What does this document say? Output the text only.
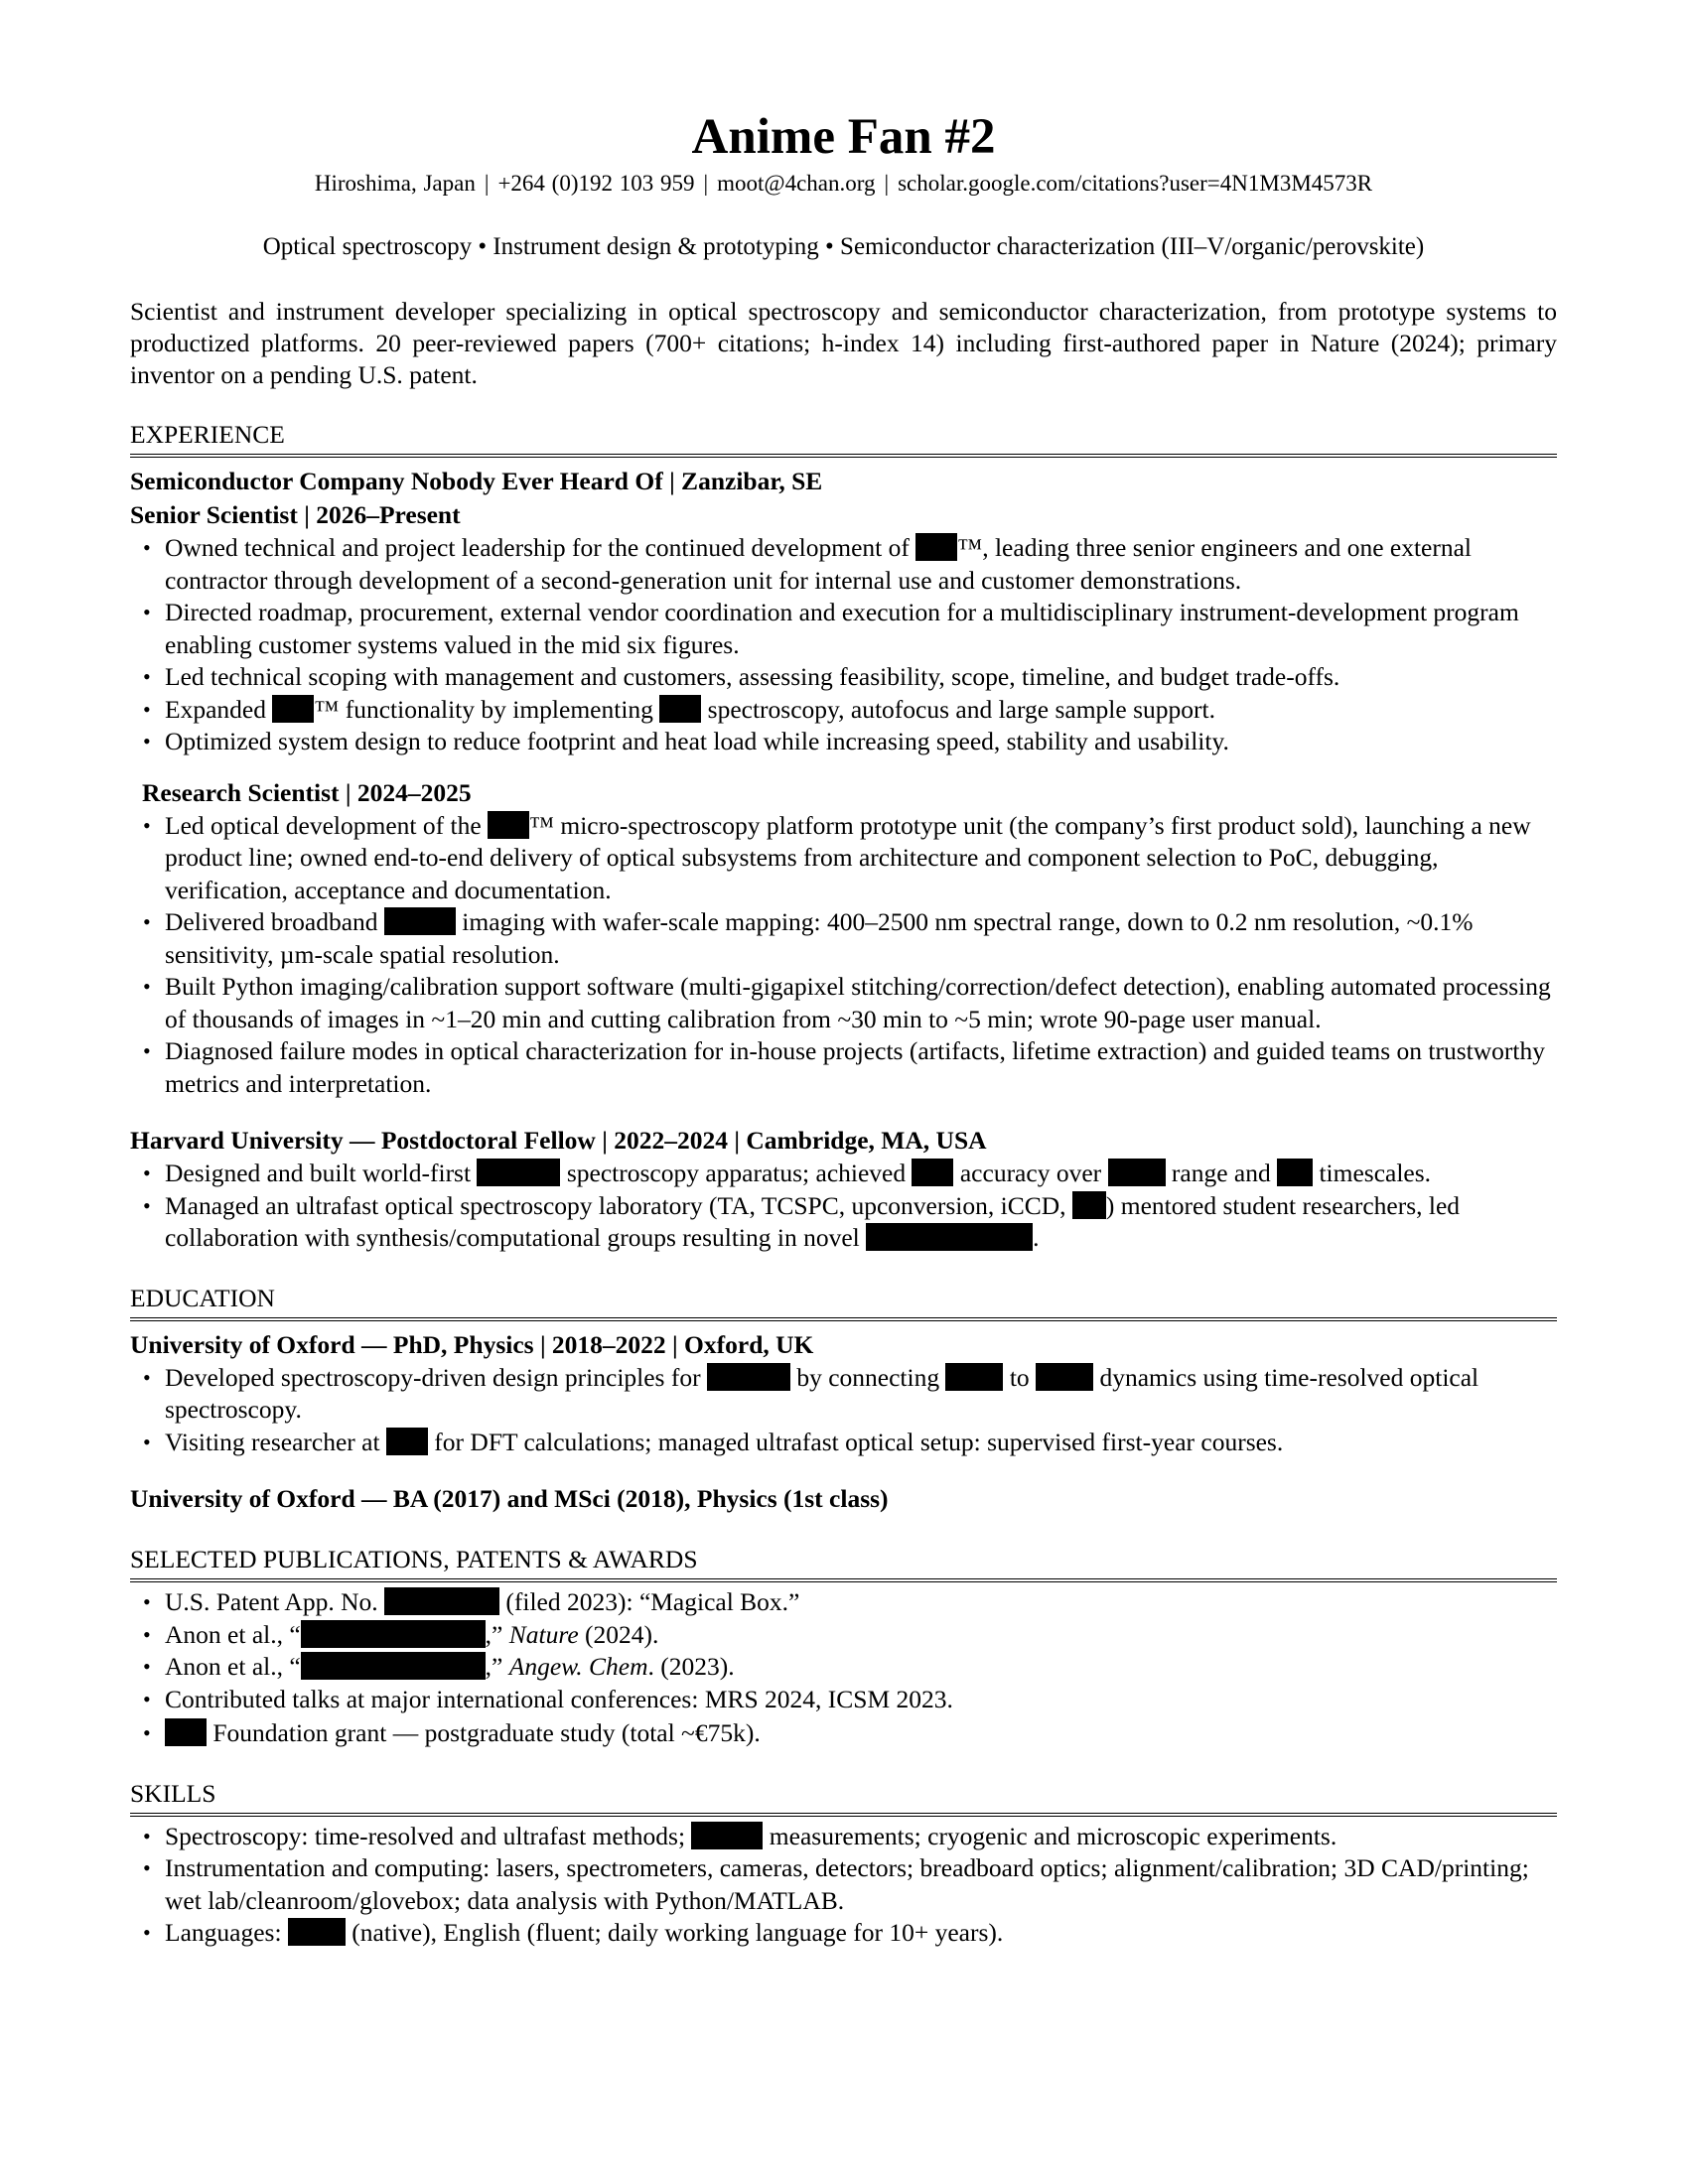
Anime Fan #2
Hiroshima, Japan | +264 (0)192 103 959 | moot@4chan.org | scholar.google.com/citations?user=4N1M3M4573R
Optical spectroscopy • Instrument design & prototyping • Semiconductor characterization (III–V/organic/perovskite)
Scientist and instrument developer specializing in optical spectroscopy and semiconductor characterization, from prototype systems to productized platforms. 20 peer-reviewed papers (700+ citations; h-index 14) including first-authored paper in Nature (2024); primary inventor on a pending U.S. patent.
EXPERIENCE
Semiconductor Company Nobody Ever Heard Of | Zanzibar, SE
Senior Scientist | 2026–Present
• Owned technical and project leadership for the continued development of ™, leading three senior engineers and one external contractor through development of a second-generation unit for internal use and customer demonstrations.
• Directed roadmap, procurement, external vendor coordination and execution for a multidisciplinary instrument-development program enabling customer systems valued in the mid six figures.
• Led technical scoping with management and customers, assessing feasibility, scope, timeline, and budget trade-offs.
• Expanded ™ functionality by implementing spectroscopy, autofocus and large sample support.
• Optimized system design to reduce footprint and heat load while increasing speed, stability and usability.
Research Scientist | 2024–2025
• Led optical development of the ™ micro-spectroscopy platform prototype unit (the company’s first product sold), launching a new product line; owned end-to-end delivery of optical subsystems from architecture and component selection to PoC, debugging, verification, acceptance and documentation.
• Delivered broadband	imaging with wafer-scale mapping: 400–2500 nm spectral range, down to 0.2 nm resolution, ~0.1% sensitivity, µm-scale spatial resolution.
• Built Python imaging/calibration support software (multi-gigapixel stitching/correction/defect detection), enabling automated processing of thousands of images in ~1–20 min and cutting calibration from ~30 min to ~5 min; wrote 90-page user manual.
• Diagnosed failure modes in optical characterization for in-house projects (artifacts, lifetime extraction) and guided teams on trustworthy metrics and interpretation.
Harvard University — Postdoctoral Fellow | 2022–2024 | Cambridge, MA, USA
• Designed and built world-first	spectroscopy apparatus; achieved accuracy over	range and timescales.
• Managed an ultrafast optical spectroscopy laboratory (TA, TCSPC, upconversion, iCCD, ) mentored student researchers, led collaboration with synthesis/computational groups resulting in novel	.
EDUCATION
University of Oxford — PhD, Physics | 2018–2022 | Oxford, UK
• Developed spectroscopy-driven design principles for	by connecting	to	dynamics using time-resolved optical spectroscopy.
• Visiting researcher at for DFT calculations; managed ultrafast optical setup: supervised first-year courses.
University of Oxford — BA (2017) and MSci (2018), Physics (1st class)
SELECTED PUBLICATIONS, PATENTS & AWARDS
• U.S. Patent App. No.	(filed 2023): “Magical Box.”
• Anon et al., “	,” Nature (2024).
• Anon et al., “	,” Angew. Chem. (2023).
• Contributed talks at major international conferences: MRS 2024, ICSM 2023.
• Foundation grant — postgraduate study (total ~€75k).
SKILLS
• Spectroscopy: time-resolved and ultrafast methods;	measurements; cryogenic and microscopic experiments.
• Instrumentation and computing: lasers, spectrometers, cameras, detectors; breadboard optics; alignment/calibration; 3D CAD/printing; wet lab/cleanroom/glovebox; data analysis with Python/MATLAB.
• Languages:	(native), English (fluent; daily working language for 10+ years).
